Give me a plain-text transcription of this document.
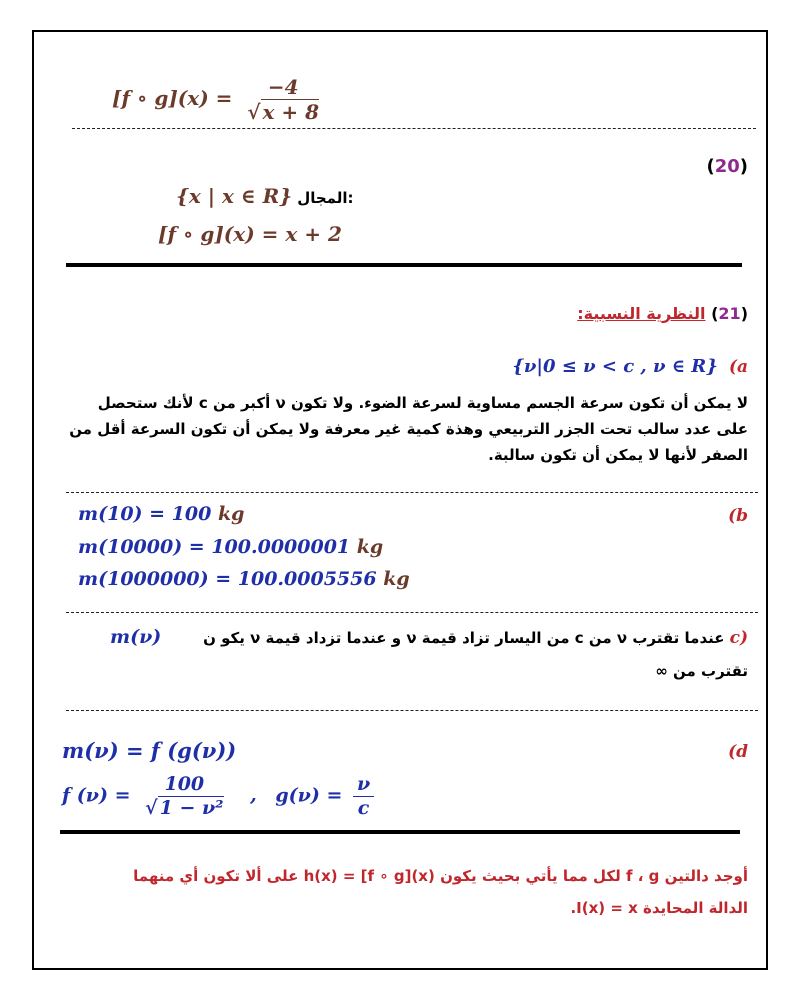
[f ∘ $g](x) = \frac{-4}{√ x + 8}$
(20)
{x | x ∈ R} المجال:
[f ∘ g](x) = x + 2
(21) النظرية النسبية:
{ν|0 ≤ ν < c , ν ∈ R} (a
لا يمكن أن تكون سرعة الجسم مساوية لسرعة الضوء. ولا تكون ν أكبر من c لأنك ستحصل
على عدد سالب تحت الجزر التربيعي وهذة كمية غير معرفة ولا يمكن أن تكون السرعة أقل من
الصفر لأنها لا يمكن أن تكون سالبة.
(b
m(10) = 100 kg
m(10000) = 100.0000001 kg
m(1000000) = 100.0005556 kg
(c عندما تقترب ν من c من اليسار تزاد قيمة ν و عندما تزداد قيمة ν يكو ن
m(ν)
تقترب من ∞
(d
m(ν) = f (g(ν))
f $(\nu) = \frac{100}{\text{√ 1 − ν²}}$ , $g(\nu) = \frac{\nu}{c}$
أوجد دالتين f ، g لكل مما يأتي بحيث يكون h(x) = [f ∘ g](x) على ألا تكون أي منهما
الدالة المحايدة I(x) = x.
